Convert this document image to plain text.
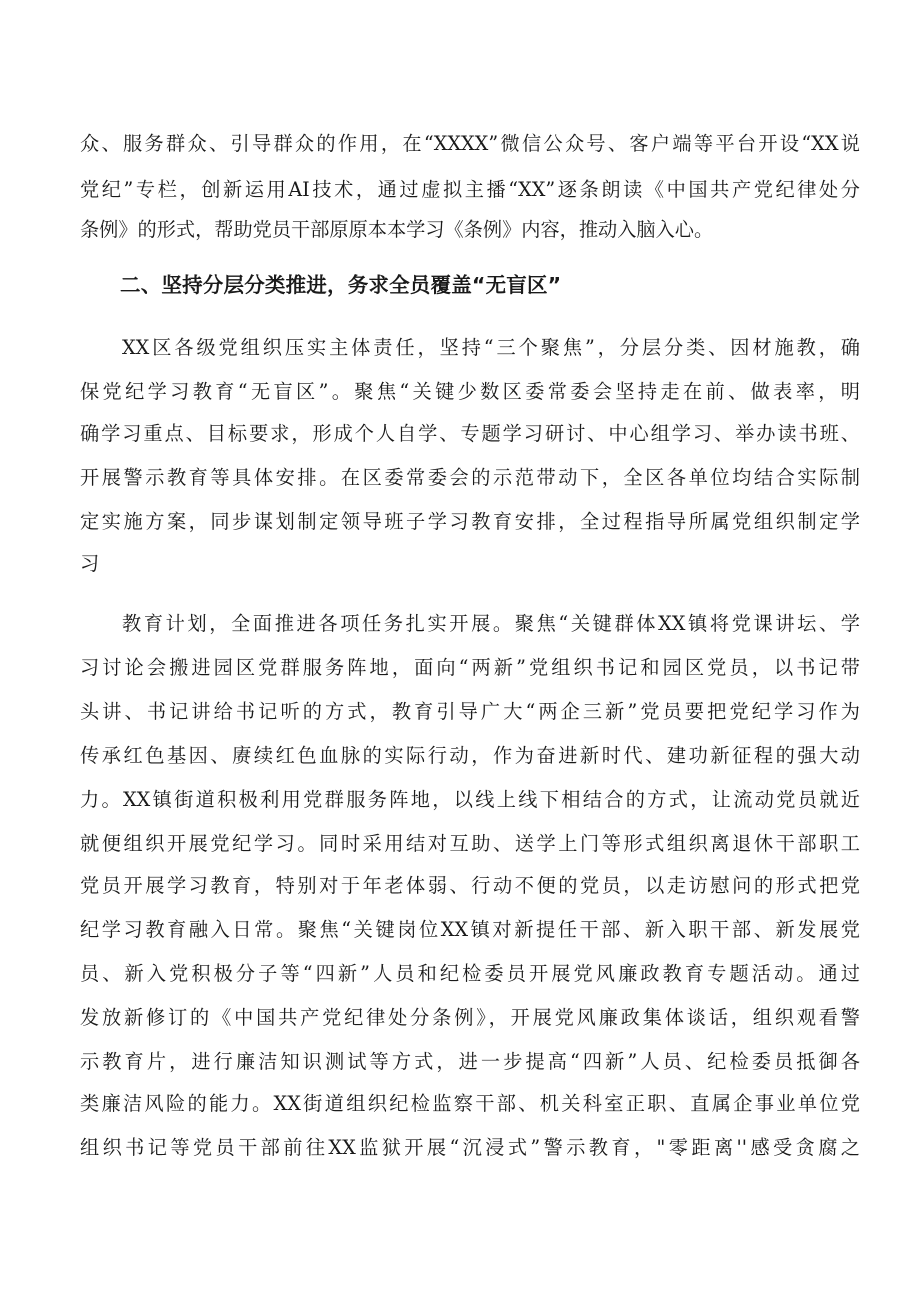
众、服务群众、引导群众的作用，在“XXXX”微信公众号、客户端等平台开设“XX说
党纪”专栏，创新运用AI技术，通过虚拟主播“XX”逐条朗读《中国共产党纪律处分
条例》的形式，帮助党员干部原原本本学习《条例》内容，推动入脑入心。
二、坚持分层分类推进，务求全员覆盖“无盲区”
XX区各级党组织压实主体责任，坚持“三个聚焦”，分层分类、因材施教，确
保党纪学习教育“无盲区”。聚焦“关键少数区委常委会坚持走在前、做表率，明
确学习重点、目标要求，形成个人自学、专题学习研讨、中心组学习、举办读书班、
开展警示教育等具体安排。在区委常委会的示范带动下，全区各单位均结合实际制
定实施方案，同步谋划制定领导班子学习教育安排，全过程指导所属党组织制定学
习
教育计划，全面推进各项任务扎实开展。聚焦“关键群体XX镇将党课讲坛、学
习讨论会搬进园区党群服务阵地，面向“两新”党组织书记和园区党员，以书记带
头讲、书记讲给书记听的方式，教育引导广大“两企三新”党员要把党纪学习作为
传承红色基因、赓续红色血脉的实际行动，作为奋进新时代、建功新征程的强大动
力。XX镇街道积极利用党群服务阵地，以线上线下相结合的方式，让流动党员就近
就便组织开展党纪学习。同时采用结对互助、送学上门等形式组织离退休干部职工
党员开展学习教育，特别对于年老体弱、行动不便的党员，以走访慰问的形式把党
纪学习教育融入日常。聚焦“关键岗位XX镇对新提任干部、新入职干部、新发展党
员、新入党积极分子等“四新”人员和纪检委员开展党风廉政教育专题活动。通过
发放新修订的《中国共产党纪律处分条例》，开展党风廉政集体谈话，组织观看警
示教育片，进行廉洁知识测试等方式，进一步提高“四新”人员、纪检委员抵御各
类廉洁风险的能力。XX街道组织纪检监察干部、机关科室正职、直属企事业单位党
组织书记等党员干部前往XX监狱开展“沉浸式”警示教育，"零距离''感受贪腐之
